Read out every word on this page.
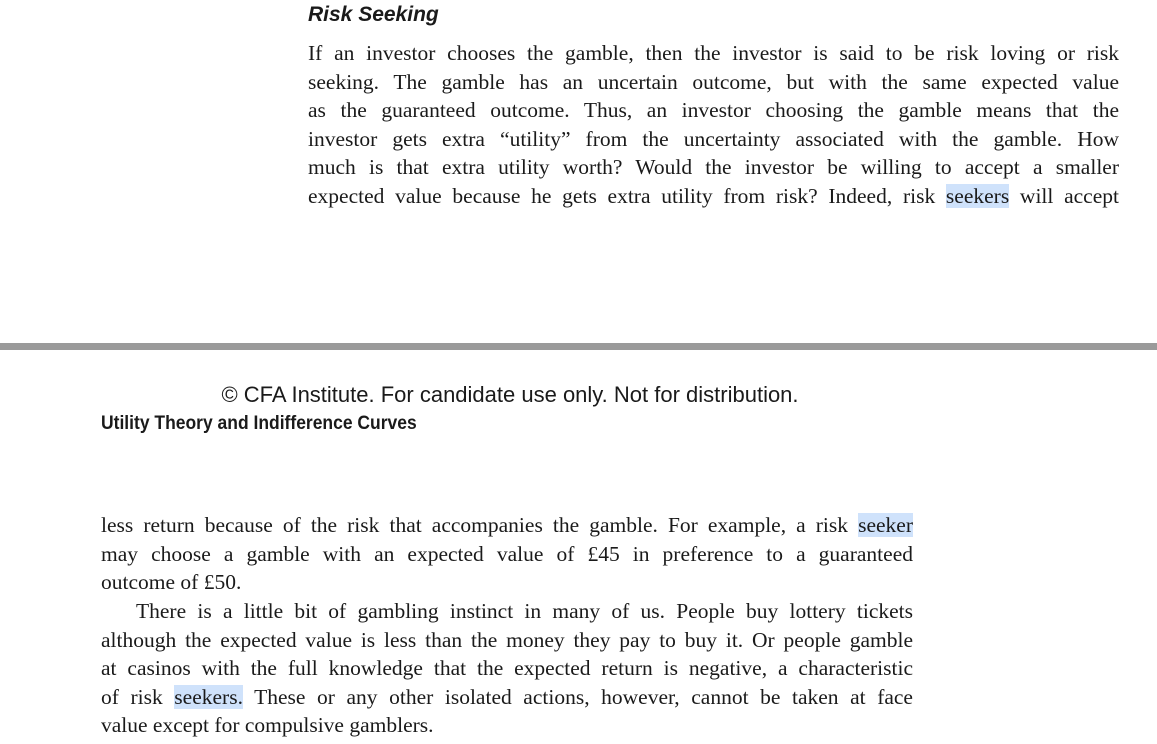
Risk Seeking
If an investor chooses the gamble, then the investor is said to be risk loving or risk
seeking. The gamble has an uncertain outcome, but with the same expected value
as the guaranteed outcome. Thus, an investor choosing the gamble means that the
investor gets extra “utility” from the uncertainty associated with the gamble. How
much is that extra utility worth? Would the investor be willing to accept a smaller
expected value because he gets extra utility from risk? Indeed, risk seekers will accept
© CFA Institute. For candidate use only. Not for distribution.
Utility Theory and Indifference Curves
less return because of the risk that accompanies the gamble. For example, a risk seeker
may choose a gamble with an expected value of £45 in preference to a guaranteed
outcome of £50.
There is a little bit of gambling instinct in many of us. People buy lottery tickets
although the expected value is less than the money they pay to buy it. Or people gamble
at casinos with the full knowledge that the expected return is negative, a characteristic
of risk seekers. These or any other isolated actions, however, cannot be taken at face
value except for compulsive gamblers.
